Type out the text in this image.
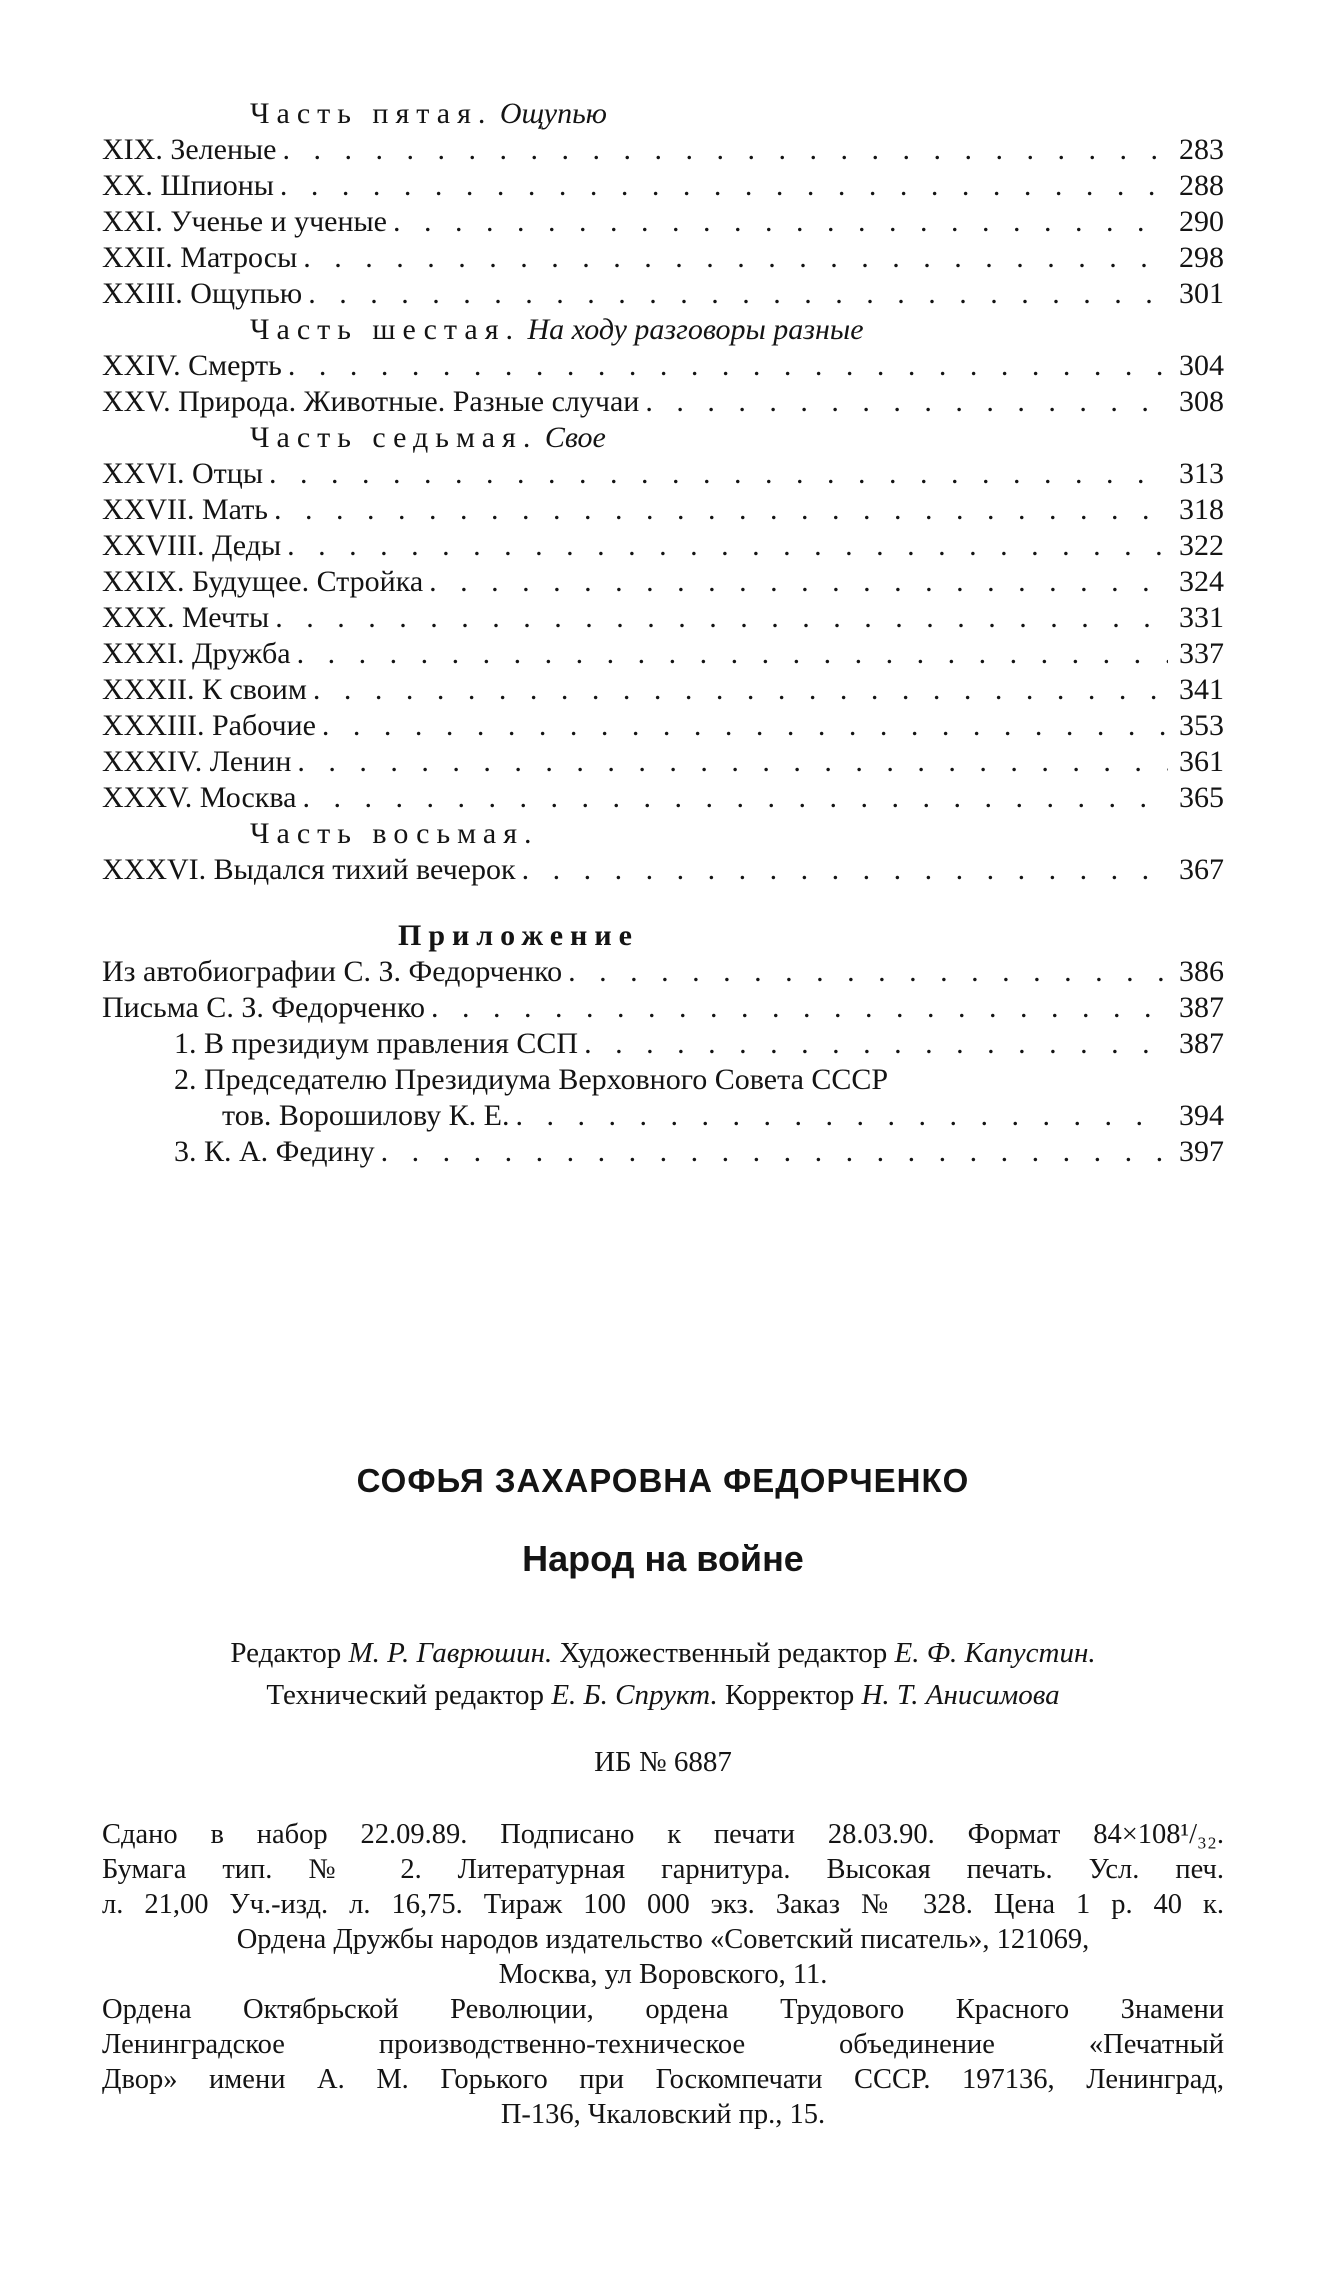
Часть пятая. Ощупью
XIX. Зеленые . . .	283
XX. Шпионы . . .	288
XXI. Ученье и ученые . . .	290
XXII. Матросы . . .	298
XXIII. Ощупью . . .	301
Часть шестая. На ходу разговоры разные
XXIV. Смерть . . .	304
XXV. Природа. Животные. Разные случаи . . .	308
Часть седьмая. Свое
XXVI. Отцы . . .	313
XXVII. Мать . . .	318
XXVIII. Деды . . .	322
XXIX. Будущее. Стройка . . .	324
XXX. Мечты . . .	331
XXXI. Дружба . . .	337
XXXII. К своим . . .	341
XXXIII. Рабочие . . .	353
XXXIV. Ленин . . .	361
XXXV. Москва . . .	365
Часть восьмая.
XXXVI. Выдался тихий вечерок . . .	367
Приложение
Из автобиографии С. З. Федорченко . . .	386
Письма С. З. Федорченко . . .	387
1. В президиум правления ССП . . .	387
2. Председателю Президиума Верховного Совета СССР
тов. Ворошилову К. Е. . . .	394
3. К. А. Федину . . .	397
СОФЬЯ ЗАХАРОВНА ФЕДОРЧЕНКО
Народ на войне
Редактор М. Р. Гаврюшин. Художественный редактор Е. Ф. Капустин.
Технический редактор Е. Б. Спрукт. Корректор Н. Т. Анисимова
ИБ № 6887
Сдано в набор 22.09.89. Подписано к печати 28.03.90. Формат 84×108¹/₃₂.
Бумага тип. № 2. Литературная гарнитура. Высокая печать. Усл. печ.
л. 21,00 Уч.-изд. л. 16,75. Тираж 100 000 экз. Заказ № 328. Цена 1 р. 40 к.
Ордена Дружбы народов издательство «Советский писатель», 121069,
Москва, ул Воровского, 11.
Ордена Октябрьской Революции, ордена Трудового Красного Знамени
Ленинградское производственно-техническое объединение «Печатный
Двор» имени А. М. Горького при Госкомпечати СССР. 197136, Ленинград,
П-136, Чкаловский пр., 15.
